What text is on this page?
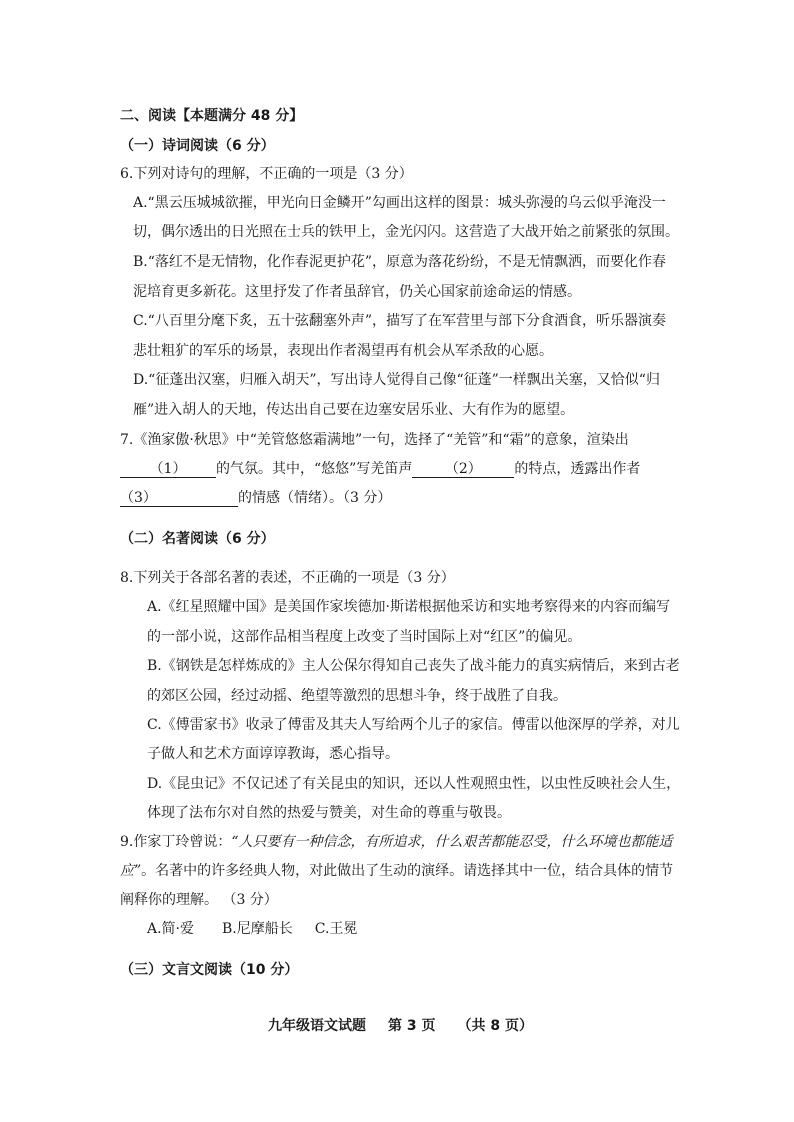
二、阅读【本题满分 48 分】
（一）诗词阅读（6 分）
6.下列对诗句的理解，不正确的一项是（3 分）
A.“黑云压城城欲摧，甲光向日金鳞开”勾画出这样的图景：城头弥漫的乌云似乎淹没一
切，偶尔透出的日光照在士兵的铁甲上，金光闪闪。这营造了大战开始之前紧张的氛围。
B.“落红不是无情物，化作春泥更护花”，原意为落花纷纷，不是无情飘洒，而要化作春
泥培育更多新花。这里抒发了作者虽辞官，仍关心国家前途命运的情感。
C.“八百里分麾下炙，五十弦翻塞外声”，描写了在军营里与部下分食酒食，听乐器演奏
悲壮粗犷的军乐的场景，表现出作者渴望再有机会从军杀敌的心愿。
D.“征蓬出汉塞，归雁入胡天”，写出诗人觉得自己像“征蓬”一样飘出关塞，又恰似“归
雁”进入胡人的天地，传达出自己要在边塞安居乐业、大有作为的愿望。
7.《渔家傲·秋思》中“羌管悠悠霜满地”一句，选择了“羌管”和“霜”的意象，渲染出
（1） 的气氛。其中，“悠悠”写羌笛声 （2） 的特点，透露出作者
（3）	的情感（情绪）。（3 分）
（二）名著阅读（6 分）
8.下列关于各部名著的表述，不正确的一项是（3 分）
A.《红星照耀中国》是美国作家埃德加·斯诺根据他采访和实地考察得来的内容而编写
的一部小说，这部作品相当程度上改变了当时国际上对“红区”的偏见。
B.《钢铁是怎样炼成的》主人公保尔得知自己丧失了战斗能力的真实病情后，来到古老
的郊区公园，经过动摇、绝望等激烈的思想斗争，终于战胜了自我。
C.《傅雷家书》收录了傅雷及其夫人写给两个儿子的家信。傅雷以他深厚的学养，对儿
子做人和艺术方面谆谆教诲，悉心指导。
D.《昆虫记》不仅记述了有关昆虫的知识，还以人性观照虫性，以虫性反映社会人生，
体现了法布尔对自然的热爱与赞美，对生命的尊重与敬畏。
9.作家丁玲曾说：“人只要有一种信念，有所追求，什么艰苦都能忍受，什么环境也都能适
应”。名著中的许多经典人物，对此做出了生动的演绎。请选择其中一位，结合具体的情节
阐释你的理解。 （3 分）
A.简·爱 B.尼摩船长 C.王冕
（三）文言文阅读（10 分）
九年级语文试题 第 3 页 （共 8 页）
